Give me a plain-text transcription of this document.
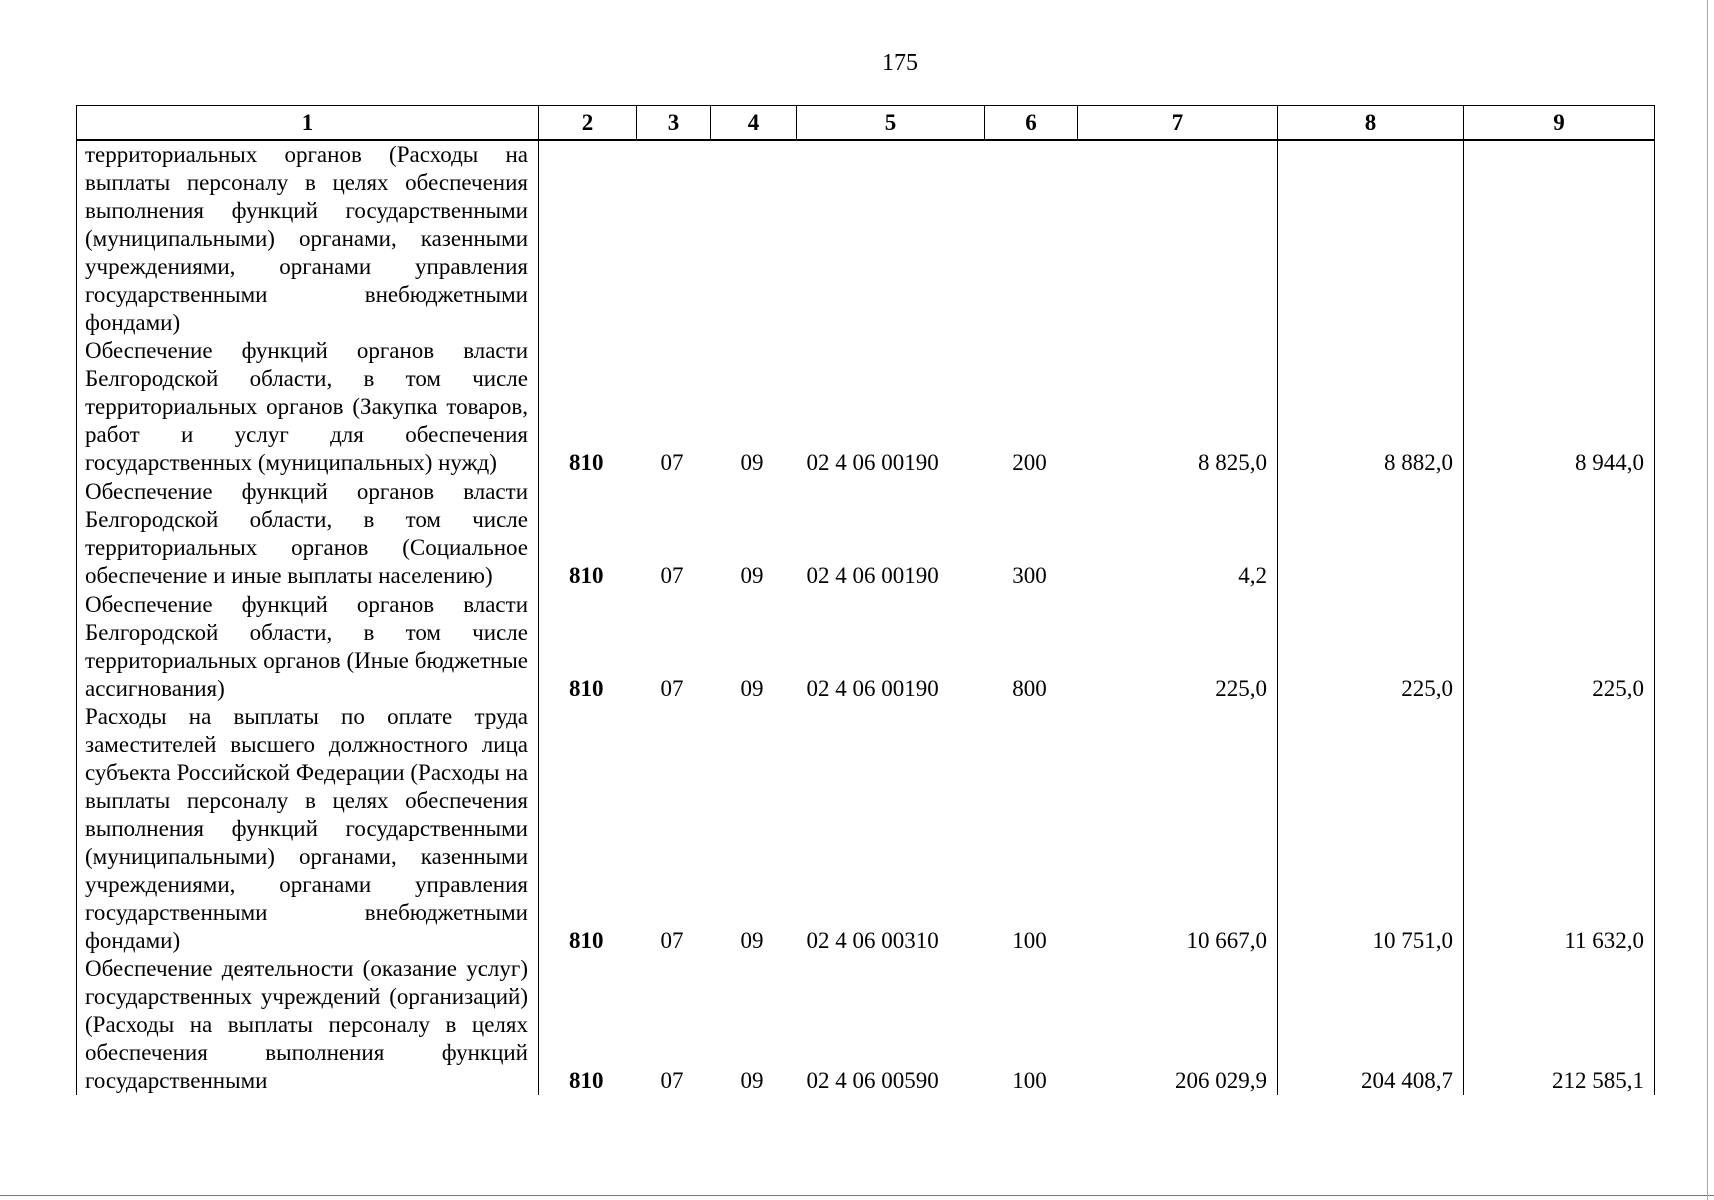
175
1	2	3	4	5	6	7	8	9
территориальных органов (Расходы на выплаты персоналу в целях обеспечения выполнения функций государственными (муниципальными) органами, казенными учреждениями, органами управления государственными внебюджетными фондами)								
Обеспечение функций органов власти Белгородской области, в том числе территориальных органов (Закупка товаров, работ и услуг для обеспечения государственных (муниципальных) нужд)	810	07	09	02 4 06 00190	200	8 825,0	8 882,0	8 944,0
Обеспечение функций органов власти Белгородской области, в том числе территориальных органов (Социальное обеспечение и иные выплаты населению)	810	07	09	02 4 06 00190	300	4,2		
Обеспечение функций органов власти Белгородской области, в том числе территориальных органов (Иные бюджетные ассигнования)	810	07	09	02 4 06 00190	800	225,0	225,0	225,0
Расходы на выплаты по оплате труда заместителей высшего должностного лица субъекта Российской Федерации (Расходы на выплаты персоналу в целях обеспечения выполнения функций государственными (муниципальными) органами, казенными учреждениями, органами управления государственными внебюджетными фондами)	810	07	09	02 4 06 00310	100	10 667,0	10 751,0	11 632,0
Обеспечение деятельности (оказание услуг) государственных учреждений (организаций) (Расходы на выплаты персоналу в целях обеспечения выполнения функций государственными	810	07	09	02 4 06 00590	100	206 029,9	204 408,7	212 585,1
